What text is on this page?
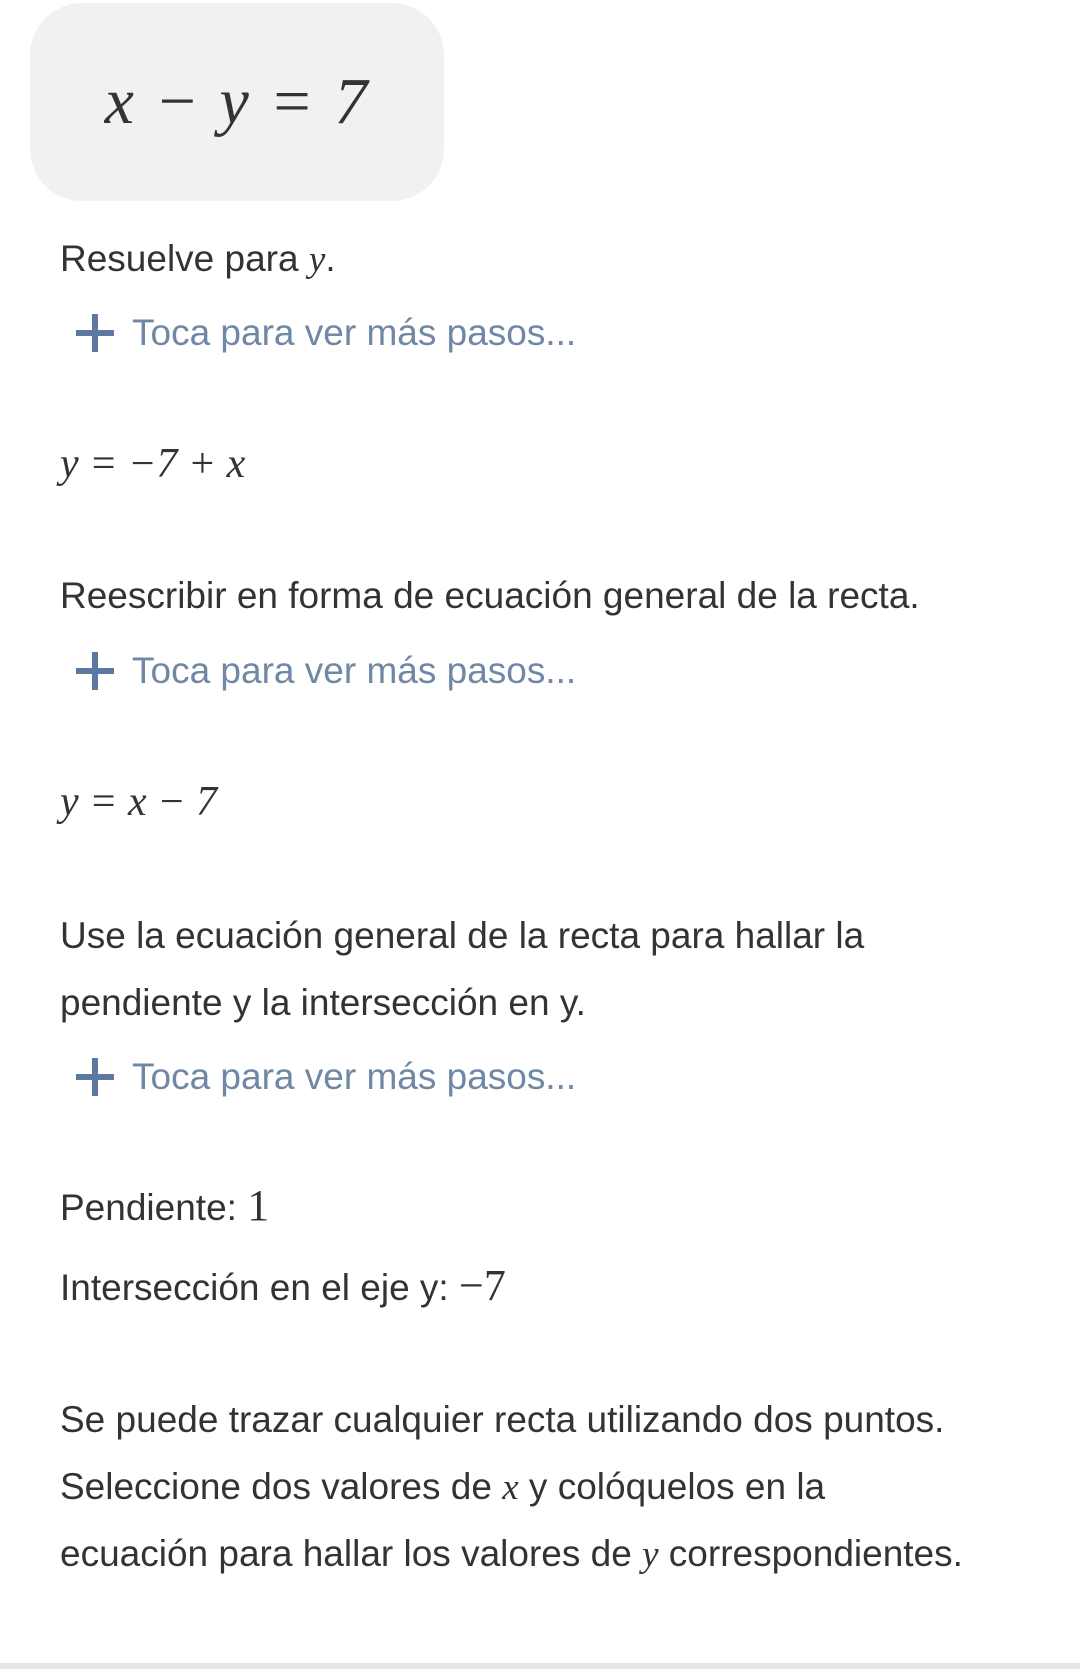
x − y = 7
Resuelve para y.
Toca para ver más pasos...
y = −7 + x
Reescribir en forma de ecuación general de la recta.
Toca para ver más pasos...
y = x − 7
Use la ecuación general de la recta para hallar la
pendiente y la intersección en y.
Toca para ver más pasos...
Pendiente: 1
Intersección en el eje y: −7
Se puede trazar cualquier recta utilizando dos puntos.
Seleccione dos valores de x y colóquelos en la
ecuación para hallar los valores de y correspondientes.
